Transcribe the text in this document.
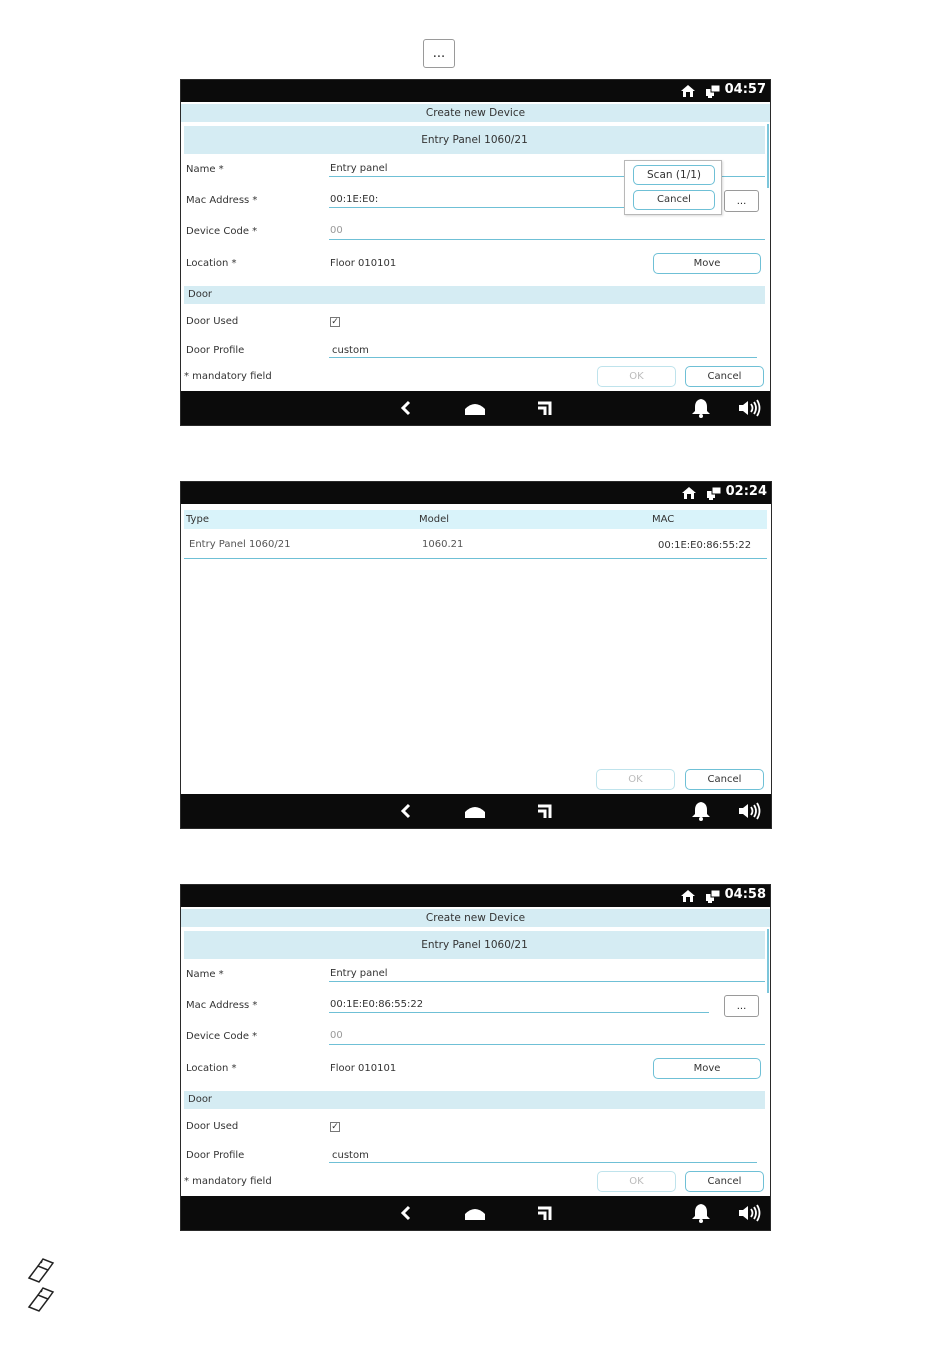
...
04:57
Create new Device
Entry Panel 1060/21
Name *	Entry panel
Mac Address *	00:1E:E0:	...
Device Code *	00
Location *	Floor 010101	Move
Door
Door Used	✓
Door Profile	custom
* mandatory field	OK	Cancel
Scan (1/1)
Cancel
02:24
Type	Model	MAC
Entry Panel 1060/21	1060.21	00:1E:E0:86:55:22
OK	Cancel
04:58
Create new Device
Entry Panel 1060/21
Name *	Entry panel
Mac Address *	00:1E:E0:86:55:22	...
Device Code *	00
Location *	Floor 010101	Move
Door
Door Used	✓
Door Profile	custom
* mandatory field	OK	Cancel
